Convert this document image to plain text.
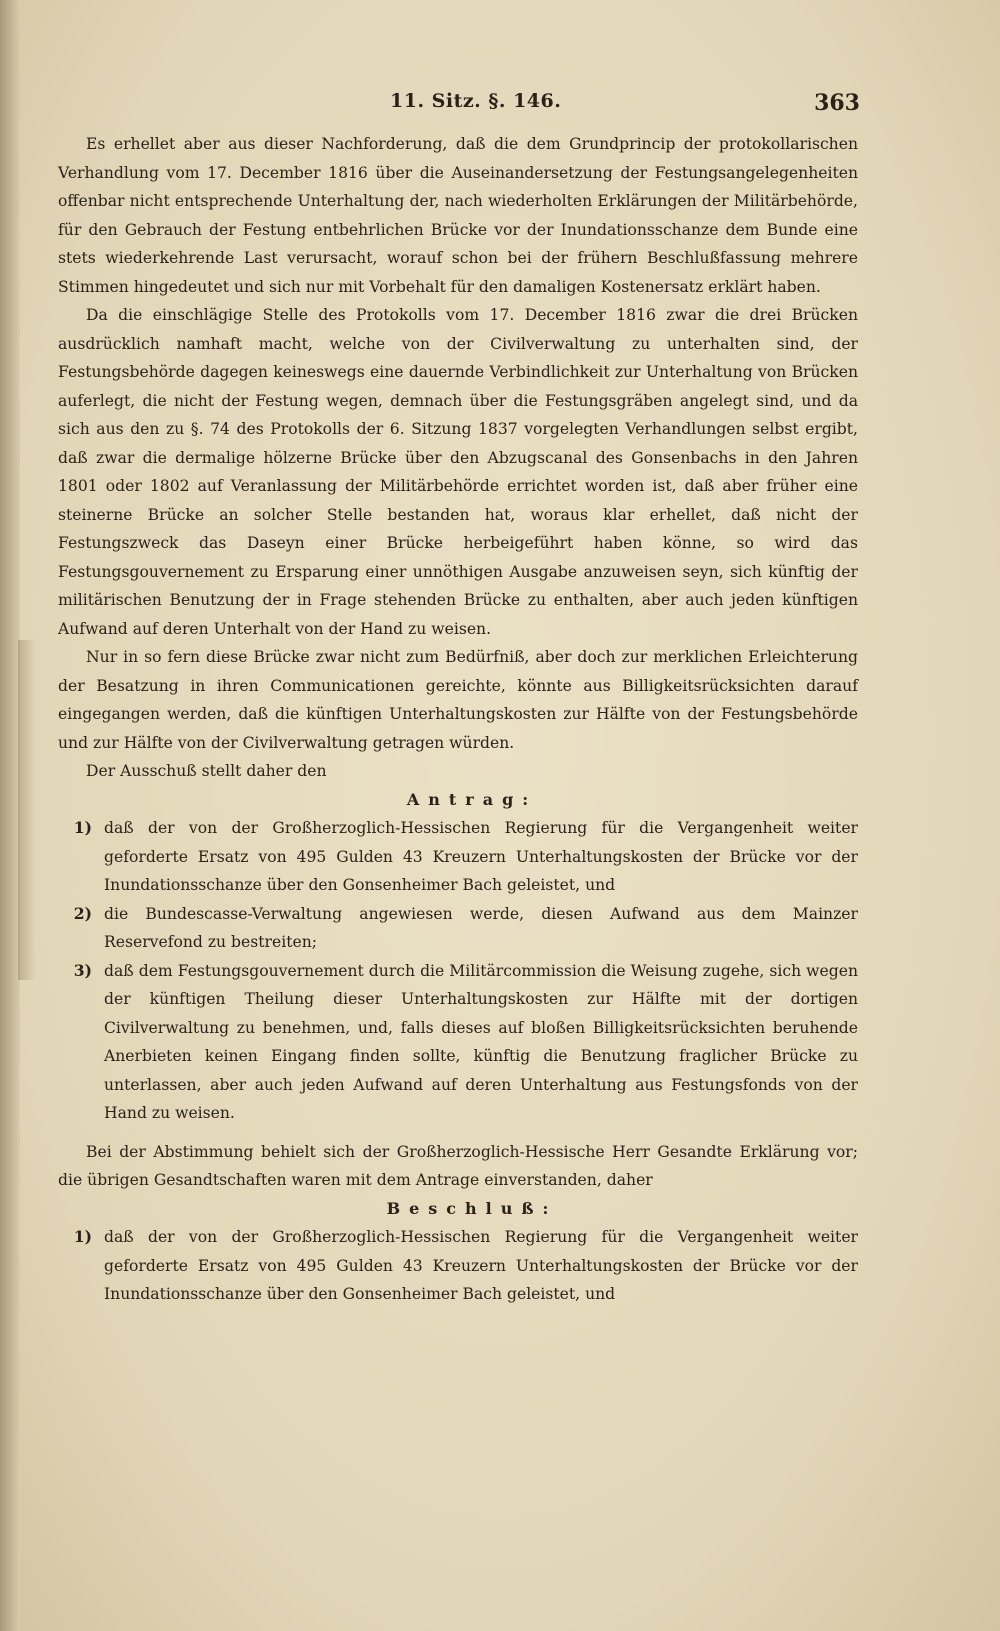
11. Sitz. §. 146.	363

Es erhellet aber aus dieser Nachforderung, daß die dem Grundprincip der protokollarischen Verhandlung vom 17. December 1816 über die Auseinandersetzung der Festungsangelegenheiten offenbar nicht entsprechende Unterhaltung der, nach wiederholten Erklärungen der Militärbehörde, für den Gebrauch der Festung entbehrlichen Brücke vor der Inundationsschanze dem Bunde eine stets wiederkehrende Last verursacht, worauf schon bei der frühern Beschlußfassung mehrere Stimmen hingedeutet und sich nur mit Vorbehalt für den damaligen Kostenersatz erklärt haben.

Da die einschlägige Stelle des Protokolls vom 17. December 1816 zwar die drei Brücken ausdrücklich namhaft macht, welche von der Civilverwaltung zu unterhalten sind, der Festungsbehörde dagegen keineswegs eine dauernde Verbindlichkeit zur Unterhaltung von Brücken auferlegt, die nicht der Festung wegen, demnach über die Festungsgräben angelegt sind, und da sich aus den zu §. 74 des Protokolls der 6. Sitzung 1837 vorgelegten Verhandlungen selbst ergibt, daß zwar die dermalige hölzerne Brücke über den Abzugscanal des Gonsenbachs in den Jahren 1801 oder 1802 auf Veranlassung der Militärbehörde errichtet worden ist, daß aber früher eine steinerne Brücke an solcher Stelle bestanden hat, woraus klar erhellet, daß nicht der Festungszweck das Daseyn einer Brücke herbeigeführt haben könne, so wird das Festungsgouvernement zu Ersparung einer unnöthigen Ausgabe anzuweisen seyn, sich künftig der militärischen Benutzung der in Frage stehenden Brücke zu enthalten, aber auch jeden künftigen Aufwand auf deren Unterhalt von der Hand zu weisen.

Nur in so fern diese Brücke zwar nicht zum Bedürfniß, aber doch zur merklichen Erleichterung der Besatzung in ihren Communicationen gereichte, könnte aus Billigkeitsrücksichten darauf eingegangen werden, daß die künftigen Unterhaltungskosten zur Hälfte von der Festungsbehörde und zur Hälfte von der Civilverwaltung getragen würden.

Der Ausschuß stellt daher den

Antrag:

1) daß der von der Großherzoglich-Hessischen Regierung für die Vergangenheit weiter geforderte Ersatz von 495 Gulden 43 Kreuzern Unterhaltungskosten der Brücke vor der Inundationsschanze über den Gonsenheimer Bach geleistet, und
2) die Bundescasse-Verwaltung angewiesen werde, diesen Aufwand aus dem Mainzer Reservefond zu bestreiten;
3) daß dem Festungsgouvernement durch die Militärcommission die Weisung zugehe, sich wegen der künftigen Theilung dieser Unterhaltungskosten zur Hälfte mit der dortigen Civilverwaltung zu benehmen, und, falls dieses auf bloßen Billigkeitsrücksichten beruhende Anerbieten keinen Eingang finden sollte, künftig die Benutzung fraglicher Brücke zu unterlassen, aber auch jeden Aufwand auf deren Unterhaltung aus Festungsfonds von der Hand zu weisen.

Bei der Abstimmung behielt sich der Großherzoglich-Hessische Herr Gesandte Erklärung vor; die übrigen Gesandtschaften waren mit dem Antrage einverstanden, daher

Beschluß:

1) daß der von der Großherzoglich-Hessischen Regierung für die Vergangenheit weiter geforderte Ersatz von 495 Gulden 43 Kreuzern Unterhaltungskosten der Brücke vor der Inundationsschanze über den Gonsenheimer Bach geleistet, und
